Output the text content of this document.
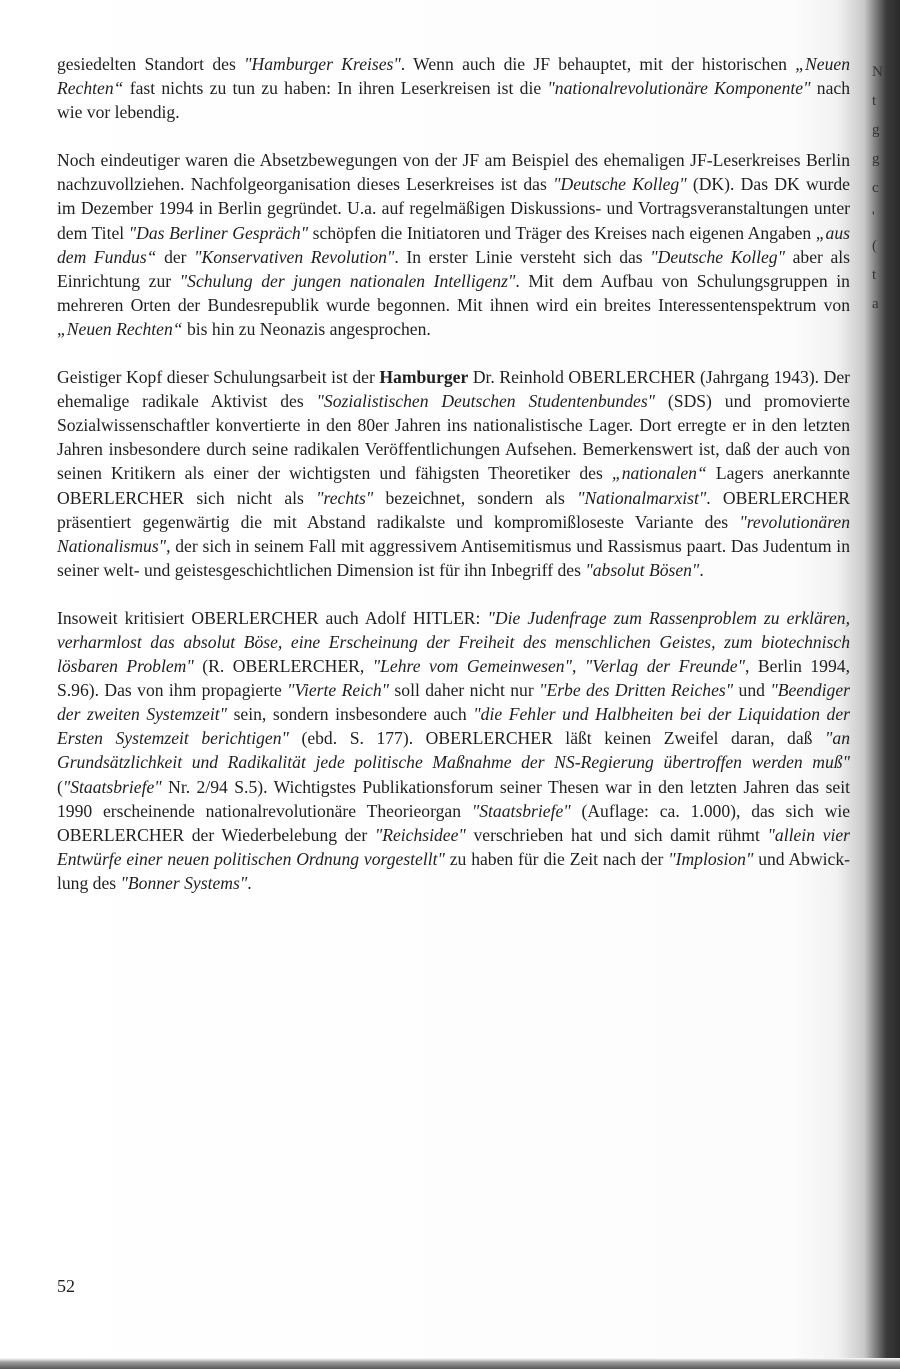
gesiedelten Standort des "Hamburger Kreises". Wenn auch die JF behauptet, mit der historischen „Neuen Rechten“ fast nichts zu tun zu haben: In ihren Leserkreisen ist die "nationalrevolutionäre Komponente" nach wie vor lebendig.

Noch eindeutiger waren die Absetzbewegungen von der JF am Beispiel des ehemaligen JF-Leserkreises Berlin nachzuvollziehen. Nachfolgeorganisation dieses Leserkreises ist das "Deutsche Kolleg" (DK). Das DK wurde im Dezember 1994 in Berlin gegründet. U.a. auf regelmäßigen Diskussions- und Vortragsveranstaltungen unter dem Titel "Das Berliner Gespräch" schöpfen die Initiatoren und Träger des Kreises nach eigenen Angaben „aus dem Fundus“ der "Konservativen Revolution". In erster Linie versteht sich das "Deutsche Kolleg" aber als Einrichtung zur "Schulung der jungen nationalen Intelligenz". Mit dem Aufbau von Schulungsgruppen in mehreren Orten der Bundesrepublik wurde begonnen. Mit ihnen wird ein breites Interessentenspektrum von „Neuen Rechten“ bis hin zu Neonazis angesprochen.

Geistiger Kopf dieser Schulungsarbeit ist der Hamburger Dr. Reinhold OBERLERCHER (Jahrgang 1943). Der ehemalige radikale Aktivist des "Sozialistischen Deutschen Studentenbundes" (SDS) und promovierte Sozialwissenschaftler konvertierte in den 80er Jahren ins nationalistische Lager. Dort erregte er in den letzten Jahren insbesondere durch seine radikalen Veröffentlichungen Aufsehen. Bemerkenswert ist, daß der auch von seinen Kritikern als einer der wichtigsten und fähigsten Theoretiker des „nationalen“ Lagers anerkannte OBERLERCHER sich nicht als "rechts" bezeichnet, sondern als "Nationalmarxist". OBERLERCHER präsentiert gegenwärtig die mit Abstand radikalste und kompromißloseste Variante des "revolutionären Nationalismus", der sich in seinem Fall mit aggressivem Antisemitismus und Rassismus paart. Das Judentum in seiner welt- und geistesgeschichtlichen Dimension ist für ihn Inbegriff des "absolut Bösen".

Insoweit kritisiert OBERLERCHER auch Adolf HITLER: "Die Judenfrage zum Rassenproblem zu erklären, verharmlost das absolut Böse, eine Erscheinung der Freiheit des menschlichen Geistes, zum biotechnisch lösbaren Problem" (R. OBERLERCHER, "Lehre vom Gemeinwesen", "Verlag der Freunde", Berlin 1994, S.96). Das von ihm propagierte "Vierte Reich" soll daher nicht nur "Erbe des Dritten Reiches" und "Beendiger der zweiten Systemzeit" sein, sondern insbesondere auch "die Fehler und Halbheiten bei der Liquidation der Ersten Systemzeit berichtigen" (ebd. S. 177). OBERLERCHER läßt keinen Zweifel daran, daß "an Grundsätzlichkeit und Radikalität jede politische Maßnahme der NS-Regierung übertroffen werden muß" ("Staatsbriefe" Nr. 2/94 S.5). Wichtigstes Publikationsforum seiner Thesen war in den letzten Jahren das seit 1990 erscheinende nationalrevolutionäre Theorieorgan "Staatsbriefe" (Auflage: ca. 1.000), das sich wie OBERLERCHER der Wiederbelebung der "Reichsidee" verschrieben hat und sich damit rühmt "allein vier Entwürfe einer neuen politischen Ordnung vorgestellt" zu haben für die Zeit nach der "Implosion" und Abwicklung des "Bonner Systems".

52
N
t
g
g
c
'
(
t
a
